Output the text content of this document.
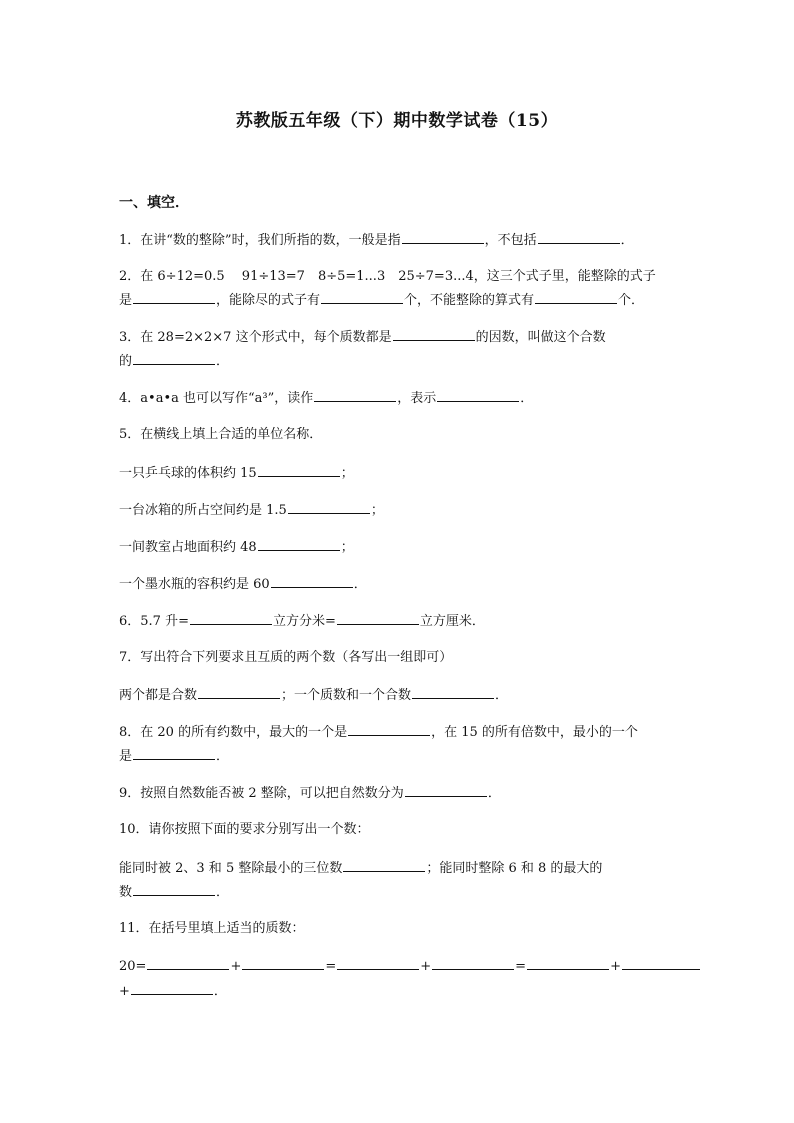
苏教版五年级（下）期中数学试卷（15）
一、填空．
1．在讲“数的整除”时，我们所指的数，一般是指	，不包括	．
2．在 6÷12=0.5　 91÷13=7　8÷5=1...3　25÷7=3...4，这三个式子里，能整除的式子
是	，能除尽的式子有	个，不能整除的算式有	个．
3．在 28=2×2×7 这个形式中，每个质数都是	的因数，叫做这个合数
的	．
4．a•a•a 也可以写作“a³”，读作	，表示	．
5．在横线上填上合适的单位名称．
一只乒乓球的体积约 15	；
一台冰箱的所占空间约是 1.5	；
一间教室占地面积约 48	；
一个墨水瓶的容积约是 60	．
6．5.7 升=	立方分米=	立方厘米．
7．写出符合下列要求且互质的两个数（各写出一组即可）
两个都是合数	；一个质数和一个合数	．
8．在 20 的所有约数中，最大的一个是	，在 15 的所有倍数中，最小的一个
是	．
9．按照自然数能否被 2 整除，可以把自然数分为	．
10．请你按照下面的要求分别写出一个数：
能同时被 2、3 和 5 整除最小的三位数	；能同时整除 6 和 8 的最大的
数	．
11．在括号里填上适当的质数：
20=	+	=	+	=	+
+	．
